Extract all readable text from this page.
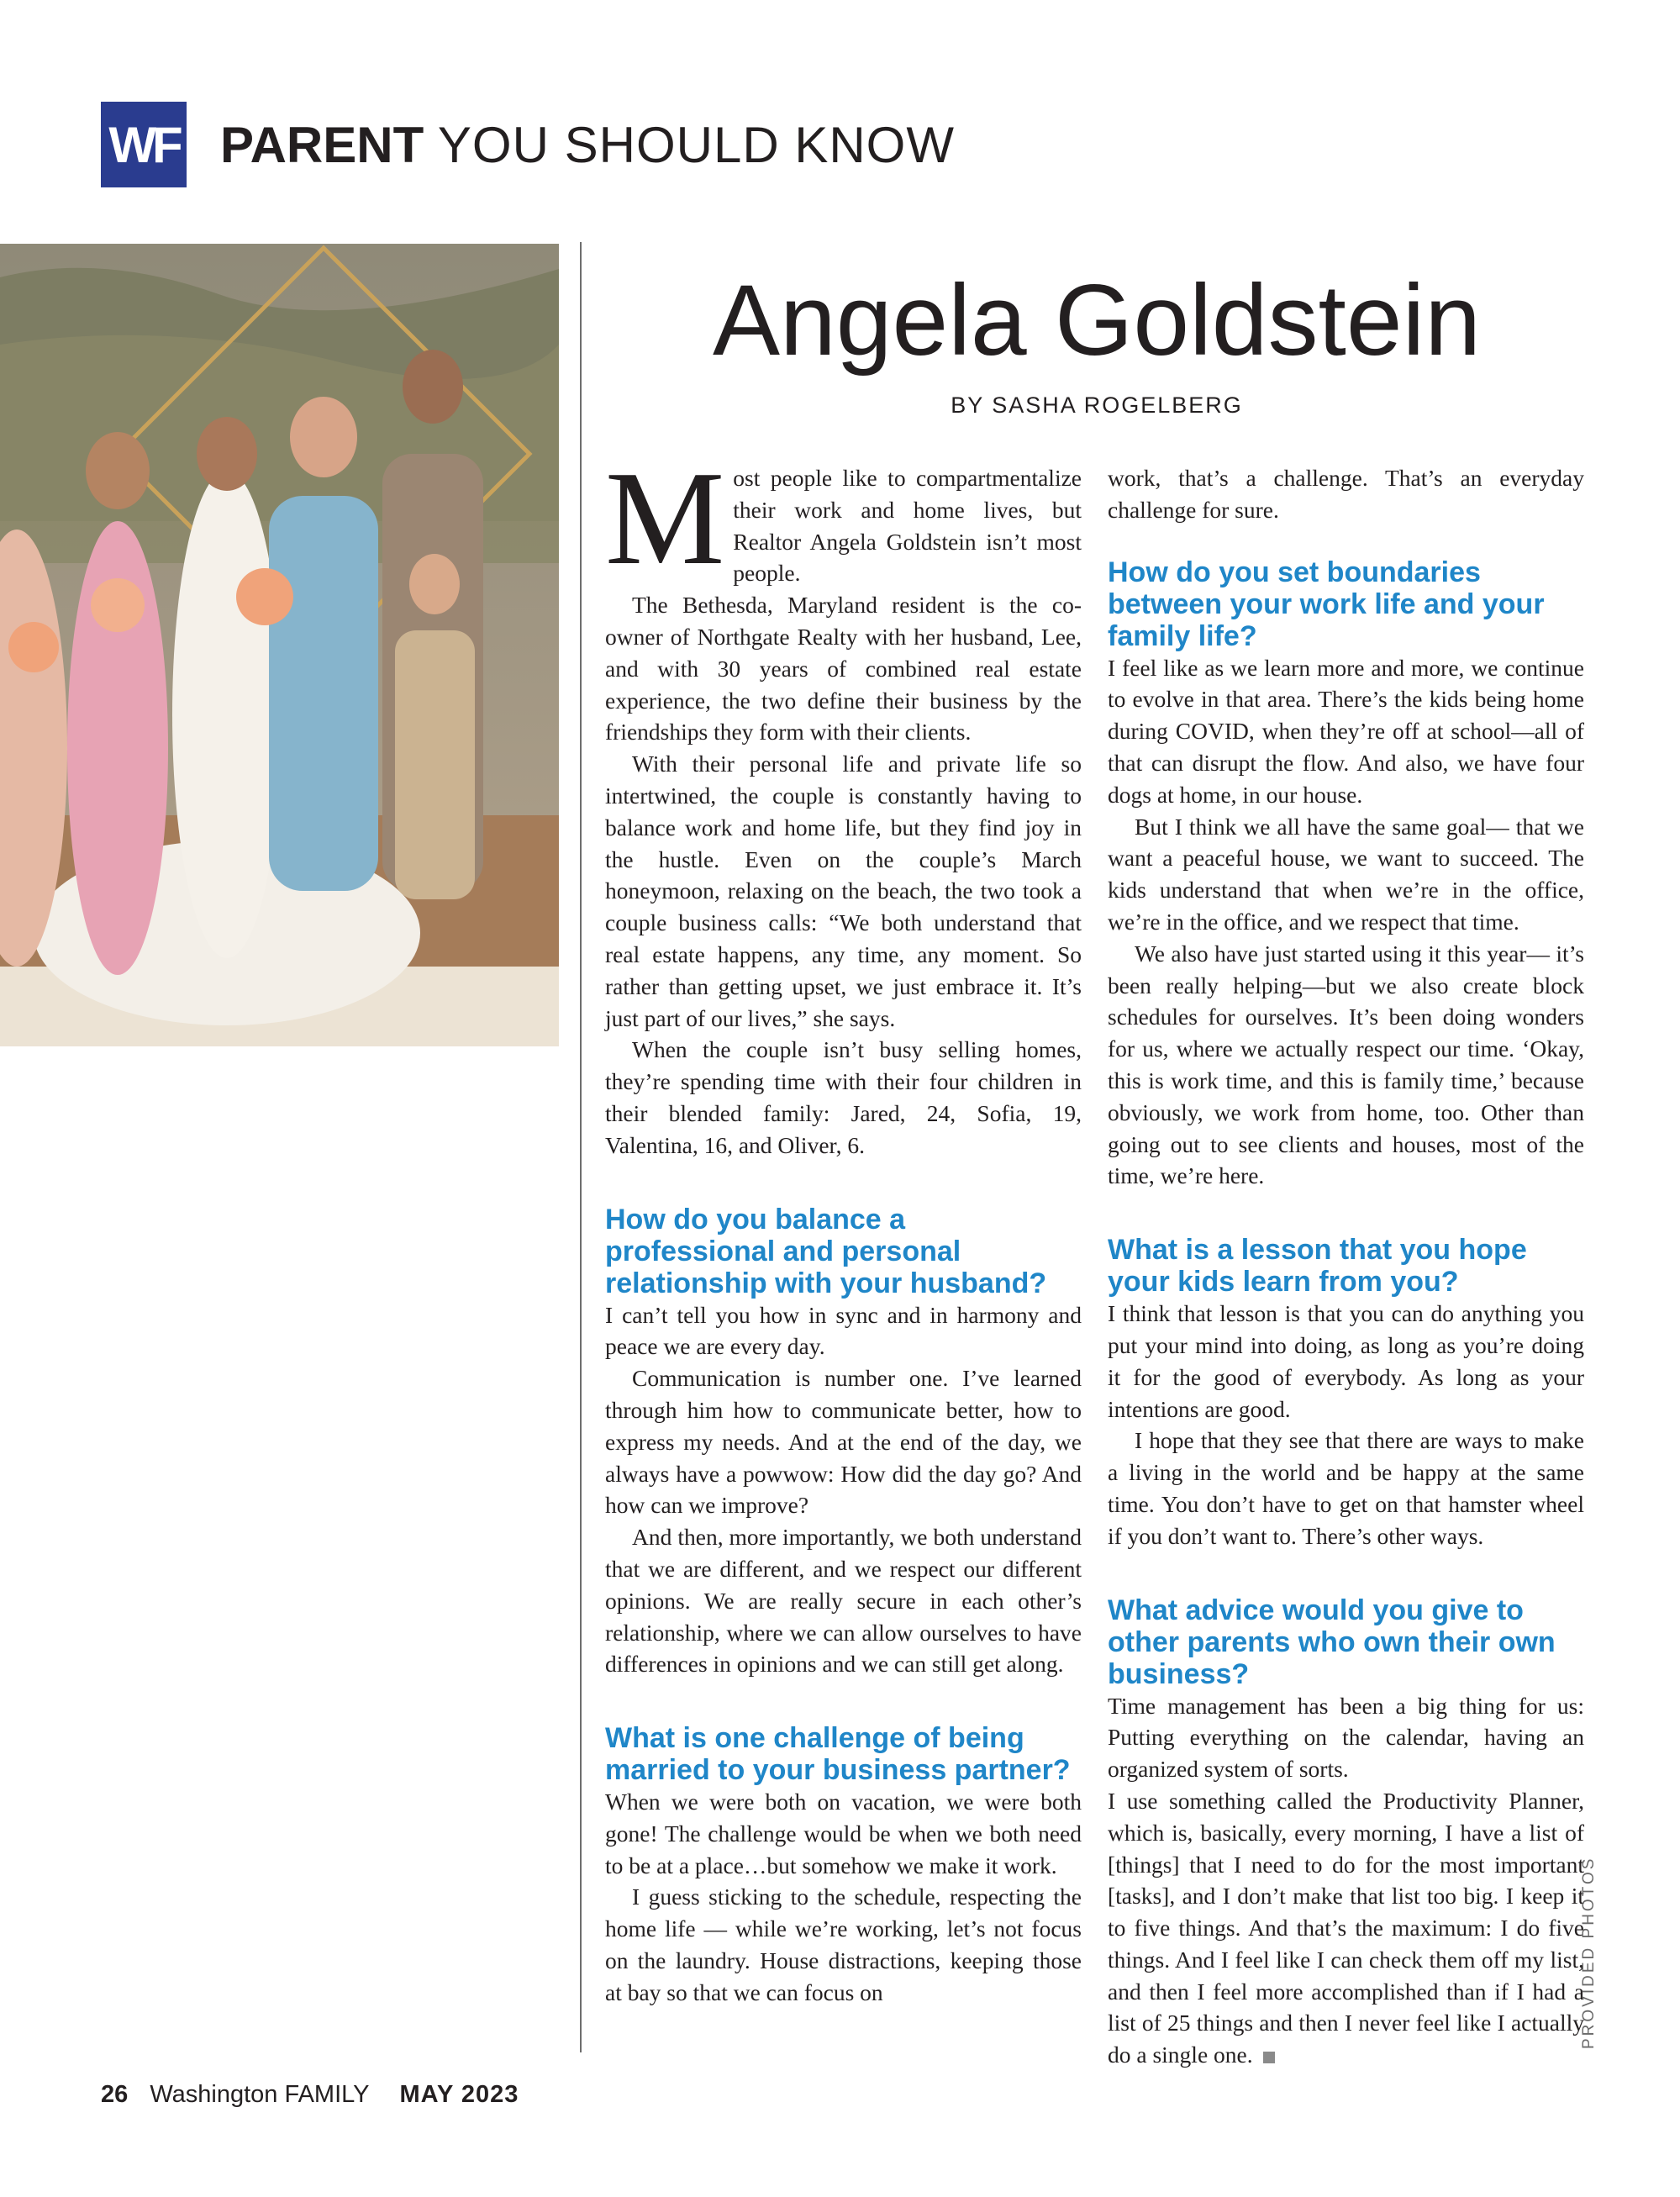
WF PARENT YOU SHOULD KNOW
Angela Goldstein
BY SASHA ROGELBERG

Most people like to compartmentalize their work and home lives, but Realtor Angela Goldstein isn’t most people.

The Bethesda, Maryland resident is the co-owner of Northgate Realty with her husband, Lee, and with 30 years of combined real estate experience, the two define their business by the friendships they form with their clients.

With their personal life and private life so intertwined, the couple is constantly having to balance work and home life, but they find joy in the hustle. Even on the couple’s March honeymoon, relaxing on the beach, the two took a couple business calls: “We both understand that real estate happens, any time, any moment. So rather than getting upset, we just embrace it. It’s just part of our lives,” she says.

When the couple isn’t busy selling homes, they’re spending time with their four children in their blended family: Jared, 24, Sofia, 19, Valentina, 16, and Oliver, 6.

How do you balance a professional and personal relationship with your husband?

I can’t tell you how in sync and in harmony and peace we are every day.

Communication is number one. I’ve learned through him how to communicate better, how to express my needs. And at the end of the day, we always have a powwow: How did the day go? And how can we improve?

And then, more importantly, we both understand that we are different, and we respect our different opinions. We are really secure in each other’s relationship, where we can allow ourselves to have differences in opinions and we can still get along.

What is one challenge of being married to your business partner?

When we were both on vacation, we were both gone! The challenge would be when we both need to be at a place…but somehow we make it work.

I guess sticking to the schedule, respecting the home life — while we’re working, let’s not focus on the laundry. House distractions, keeping those at bay so that we can focus on

work, that’s a challenge. That’s an everyday challenge for sure.

How do you set boundaries between your work life and your family life?

I feel like as we learn more and more, we continue to evolve in that area. There’s the kids being home during COVID, when they’re off at school—all of that can disrupt the flow. And also, we have four dogs at home, in our house.

But I think we all have the same goal— that we want a peaceful house, we want to succeed. The kids understand that when we’re in the office, we’re in the office, and we respect that time.

We also have just started using it this year— it’s been really helping—but we also create block schedules for ourselves. It’s been doing wonders for us, where we actually respect our time. ‘Okay, this is work time, and this is family time,’ because obviously, we work from home, too. Other than going out to see clients and houses, most of the time, we’re here.

What is a lesson that you hope your kids learn from you?

I think that lesson is that you can do anything you put your mind into doing, as long as you’re doing it for the good of everybody. As long as your intentions are good.

I hope that they see that there are ways to make a living in the world and be happy at the same time. You don’t have to get on that hamster wheel if you don’t want to. There’s other ways.

What advice would you give to other parents who own their own business?

Time management has been a big thing for us: Putting everything on the calendar, having an organized system of sorts.

I use something called the Productivity Planner, which is, basically, every morning, I have a list of [things] that I need to do for the most important [tasks], and I don’t make that list too big. I keep it to five things. And that’s the maximum: I do five things. And I feel like I can check them off my list, and then I feel more accomplished than if I had a list of 25 things and then I never feel like I actually do a single one.

PROVIDED PHOTOS
26 Washington FAMILY MAY 2023
